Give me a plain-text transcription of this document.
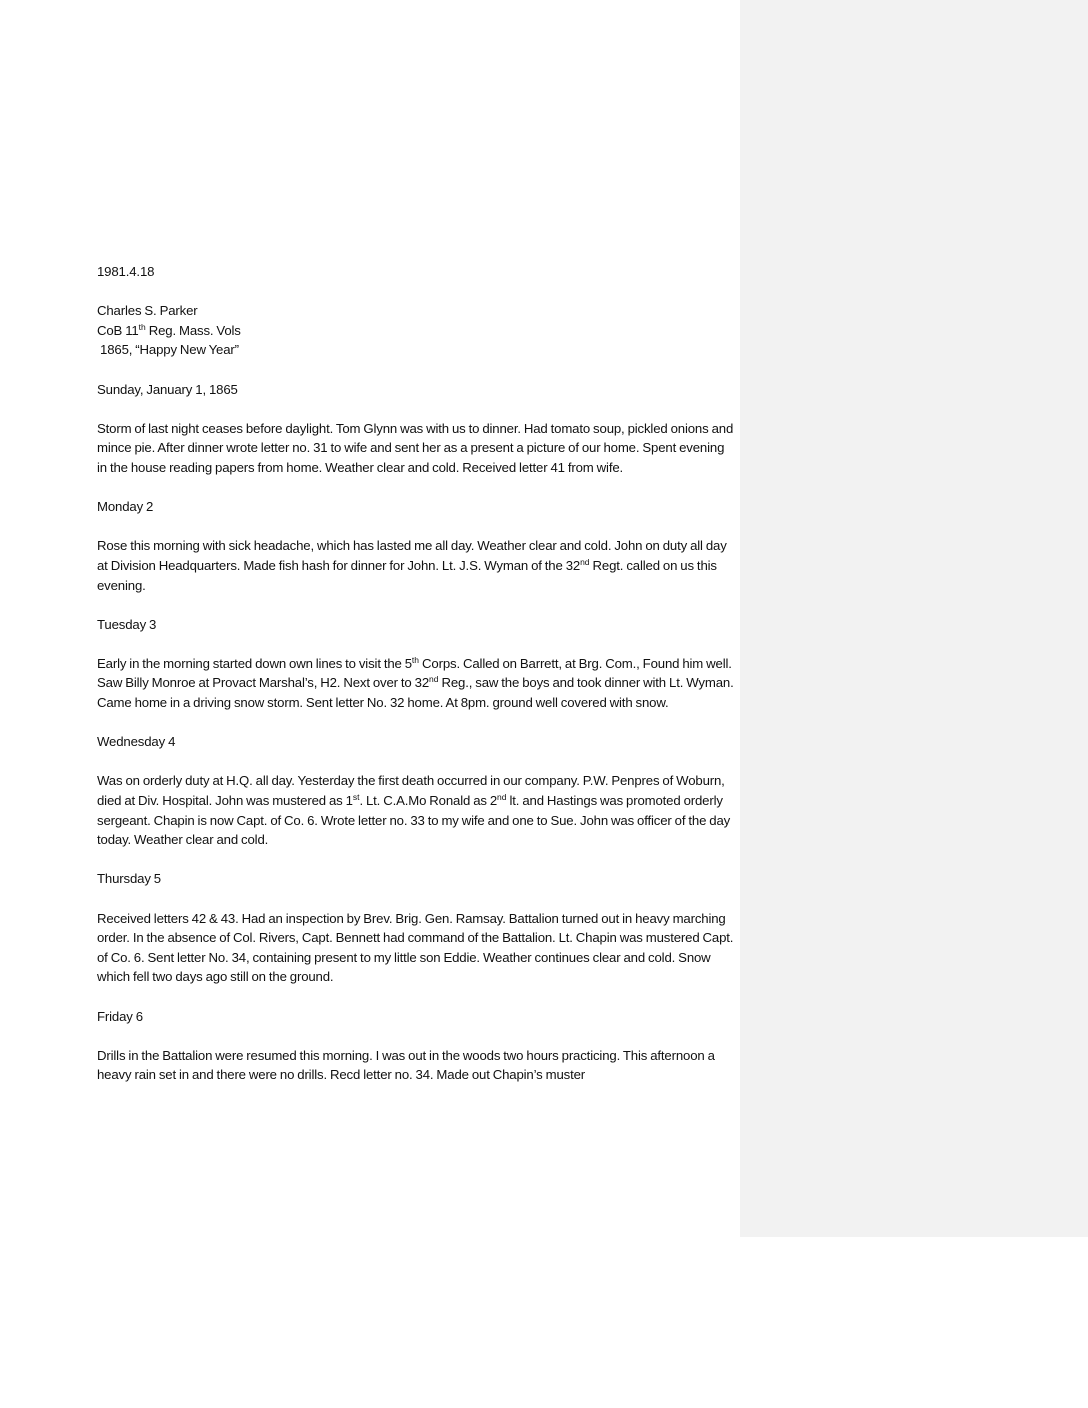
1981.4.18

Charles S. Parker

CoB 11th Reg. Mass. Vols

1865, “Happy New Year”

Sunday, January 1, 1865

Storm of last night ceases before daylight. Tom Glynn was with us to dinner. Had tomato soup, pickled onions and mince pie. After dinner wrote letter no. 31 to wife and sent her as a present a picture of our home. Spent evening in the house reading papers from home. Weather clear and cold. Received letter 41 from wife.

Monday 2

Rose this morning with sick headache, which has lasted me all day. Weather clear and cold. John on duty all day at Division Headquarters. Made fish hash for dinner for John. Lt. J.S. Wyman of the 32nd Regt. called on us this evening.

Tuesday 3

Early in the morning started down own lines to visit the 5th Corps. Called on Barrett, at Brg. Com., Found him well. Saw Billy Monroe at Provact Marshal’s, H2. Next over to 32nd Reg., saw the boys and took dinner with Lt. Wyman. Came home in a driving snow storm. Sent letter No. 32 home. At 8pm. ground well covered with snow.

Wednesday 4

Was on orderly duty at H.Q. all day. Yesterday the first death occurred in our company. P.W. Penpres of Woburn, died at Div. Hospital. John was mustered as 1st. Lt. C.A.Mo Ronald as 2nd lt. and Hastings was promoted orderly sergeant. Chapin is now Capt. of Co. 6. Wrote letter no. 33 to my wife and one to Sue. John was officer of the day today. Weather clear and cold.

Thursday 5

Received letters 42 & 43. Had an inspection by Brev. Brig. Gen. Ramsay. Battalion turned out in heavy marching order. In the absence of Col. Rivers, Capt. Bennett had command of the Battalion. Lt. Chapin was mustered Capt. of Co. 6. Sent letter No. 34, containing present to my little son Eddie. Weather continues clear and cold. Snow which fell two days ago still on the ground.

Friday 6

Drills in the Battalion were resumed this morning. I was out in the woods two hours practicing. This afternoon a heavy rain set in and there were no drills. Recd letter no. 34. Made out Chapin’s muster
